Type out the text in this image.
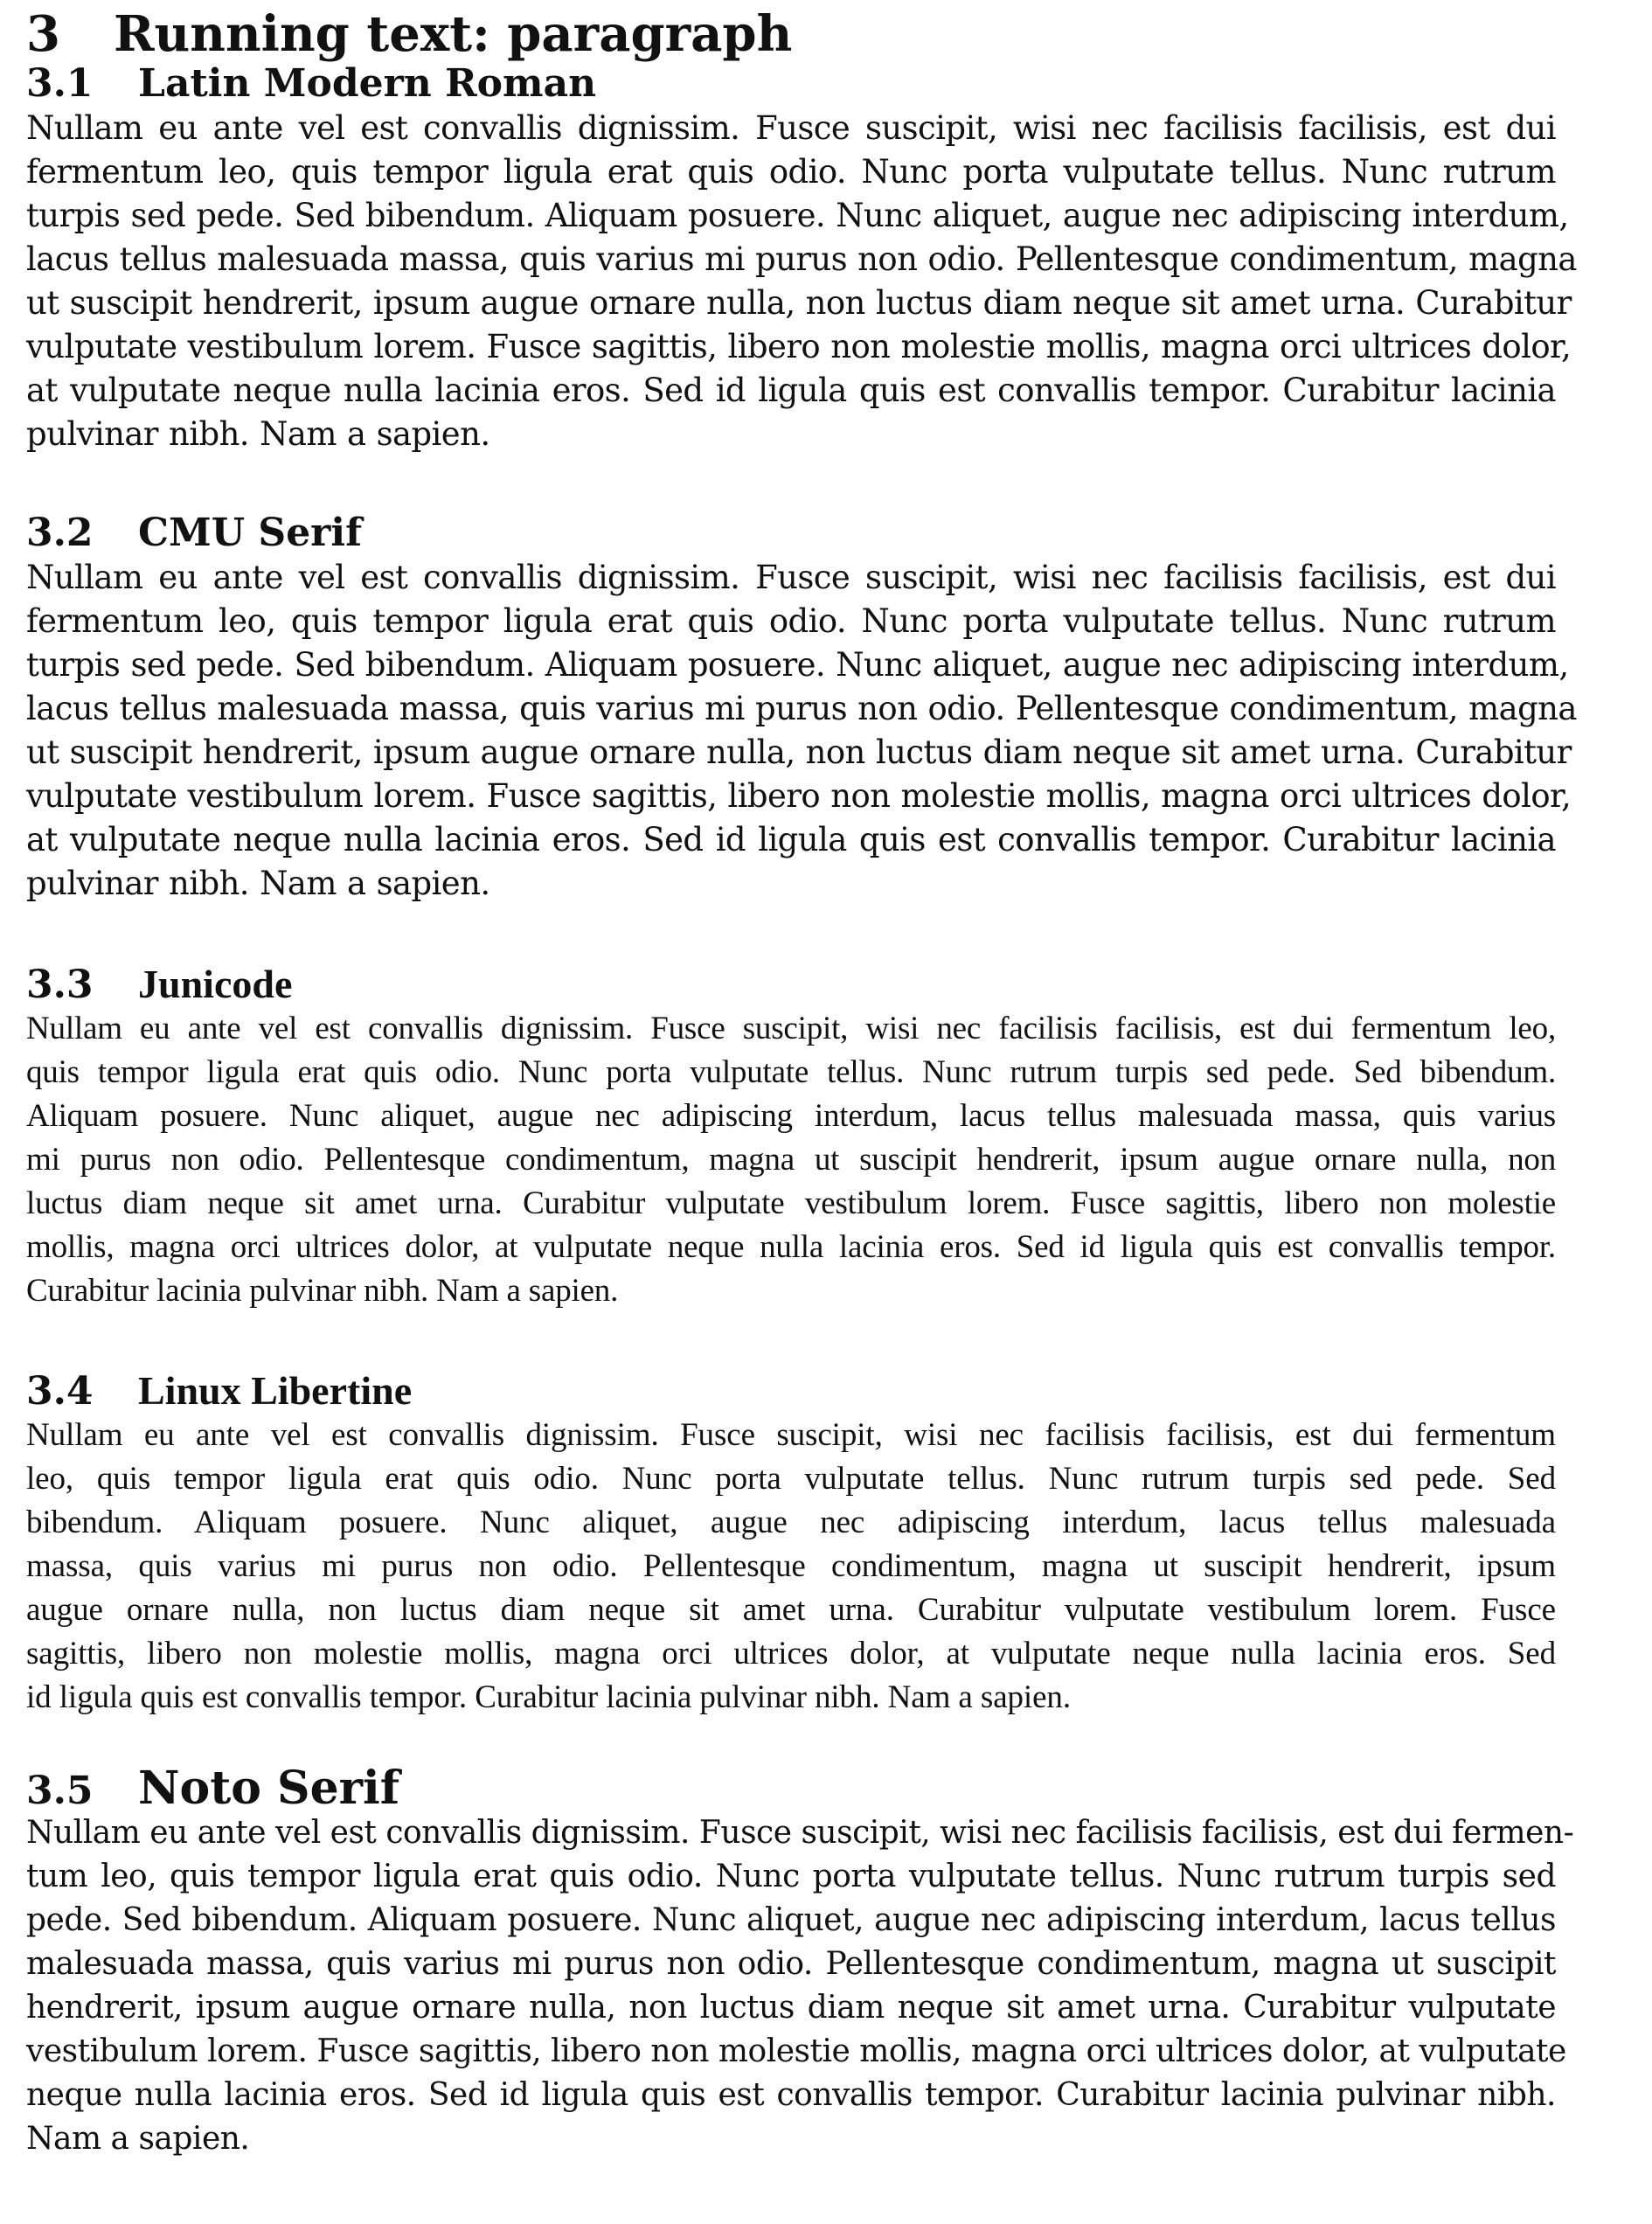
3 Running text: paragraph
3.1 Latin Modern Roman

Nullam eu ante vel est convallis dignissim. Fusce suscipit, wisi nec facilisis facilisis, est dui
fermentum leo, quis tempor ligula erat quis odio. Nunc porta vulputate tellus. Nunc rutrum
turpis sed pede. Sed bibendum. Aliquam posuere. Nunc aliquet, augue nec adipiscing interdum,
lacus tellus malesuada massa, quis varius mi purus non odio. Pellentesque condimentum, magna
ut suscipit hendrerit, ipsum augue ornare nulla, non luctus diam neque sit amet urna. Curabitur
vulputate vestibulum lorem. Fusce sagittis, libero non molestie mollis, magna orci ultrices dolor,
at vulputate neque nulla lacinia eros. Sed id ligula quis est convallis tempor. Curabitur lacinia
pulvinar nibh. Nam a sapien.

3.2 CMU Serif

Nullam eu ante vel est convallis dignissim. Fusce suscipit, wisi nec facilisis facilisis, est dui
fermentum leo, quis tempor ligula erat quis odio. Nunc porta vulputate tellus. Nunc rutrum
turpis sed pede. Sed bibendum. Aliquam posuere. Nunc aliquet, augue nec adipiscing interdum,
lacus tellus malesuada massa, quis varius mi purus non odio. Pellentesque condimentum, magna
ut suscipit hendrerit, ipsum augue ornare nulla, non luctus diam neque sit amet urna. Curabitur
vulputate vestibulum lorem. Fusce sagittis, libero non molestie mollis, magna orci ultrices dolor,
at vulputate neque nulla lacinia eros. Sed id ligula quis est convallis tempor. Curabitur lacinia
pulvinar nibh. Nam a sapien.

3.3 Junicode

Nullam eu ante vel est convallis dignissim. Fusce suscipit, wisi nec facilisis facilisis, est dui fermentum leo,
quis tempor ligula erat quis odio. Nunc porta vulputate tellus. Nunc rutrum turpis sed pede. Sed bibendum.
Aliquam posuere. Nunc aliquet, augue nec adipiscing interdum, lacus tellus malesuada massa, quis varius
mi purus non odio. Pellentesque condimentum, magna ut suscipit hendrerit, ipsum augue ornare nulla, non
luctus diam neque sit amet urna. Curabitur vulputate vestibulum lorem. Fusce sagittis, libero non molestie
mollis, magna orci ultrices dolor, at vulputate neque nulla lacinia eros. Sed id ligula quis est convallis tempor.
Curabitur lacinia pulvinar nibh. Nam a sapien.

3.4 Linux Libertine

Nullam eu ante vel est convallis dignissim. Fusce suscipit, wisi nec facilisis facilisis, est dui fermentum
leo, quis tempor ligula erat quis odio. Nunc porta vulputate tellus. Nunc rutrum turpis sed pede. Sed
bibendum. Aliquam posuere. Nunc aliquet, augue nec adipiscing interdum, lacus tellus malesuada
massa, quis varius mi purus non odio. Pellentesque condimentum, magna ut suscipit hendrerit, ipsum
augue ornare nulla, non luctus diam neque sit amet urna. Curabitur vulputate vestibulum lorem. Fusce
sagittis, libero non molestie mollis, magna orci ultrices dolor, at vulputate neque nulla lacinia eros. Sed
id ligula quis est convallis tempor. Curabitur lacinia pulvinar nibh. Nam a sapien.

3.5 Noto Serif

Nullam eu ante vel est convallis dignissim. Fusce suscipit, wisi nec facilisis facilisis, est dui fermen-
tum leo, quis tempor ligula erat quis odio. Nunc porta vulputate tellus. Nunc rutrum turpis sed
pede. Sed bibendum. Aliquam posuere. Nunc aliquet, augue nec adipiscing interdum, lacus tellus
malesuada massa, quis varius mi purus non odio. Pellentesque condimentum, magna ut suscipit
hendrerit, ipsum augue ornare nulla, non luctus diam neque sit amet urna. Curabitur vulputate
vestibulum lorem. Fusce sagittis, libero non molestie mollis, magna orci ultrices dolor, at vulputate
neque nulla lacinia eros. Sed id ligula quis est convallis tempor. Curabitur lacinia pulvinar nibh.
Nam a sapien.
